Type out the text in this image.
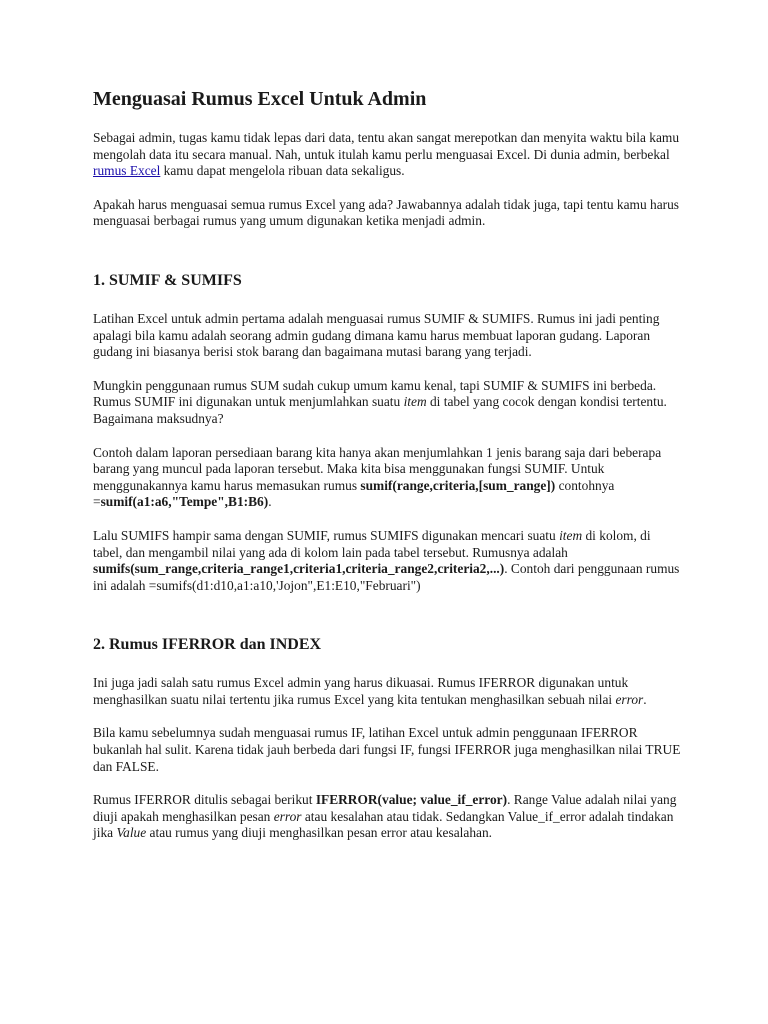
Menguasai Rumus Excel Untuk Admin

Sebagai admin, tugas kamu tidak lepas dari data, tentu akan sangat merepotkan dan menyita waktu bila kamu mengolah data itu secara manual. Nah, untuk itulah kamu perlu menguasai Excel. Di dunia admin, berbekal rumus Excel kamu dapat mengelola ribuan data sekaligus.

Apakah harus menguasai semua rumus Excel yang ada? Jawabannya adalah tidak juga, tapi tentu kamu harus menguasai berbagai rumus yang umum digunakan ketika menjadi admin.

1. SUMIF & SUMIFS

Latihan Excel untuk admin pertama adalah menguasai rumus SUMIF & SUMIFS. Rumus ini jadi penting apalagi bila kamu adalah seorang admin gudang dimana kamu harus membuat laporan gudang. Laporan gudang ini biasanya berisi stok barang dan bagaimana mutasi barang yang terjadi.

Mungkin penggunaan rumus SUM sudah cukup umum kamu kenal, tapi SUMIF & SUMIFS ini berbeda. Rumus SUMIF ini digunakan untuk menjumlahkan suatu item di tabel yang cocok dengan kondisi tertentu. Bagaimana maksudnya?

Contoh dalam laporan persediaan barang kita hanya akan menjumlahkan 1 jenis barang saja dari beberapa barang yang muncul pada laporan tersebut. Maka kita bisa menggunakan fungsi SUMIF. Untuk menggunakannya kamu harus memasukan rumus sumif(range,criteria,[sum_range]) contohnya =sumif(a1:a6,"Tempe",B1:B6).

Lalu SUMIFS hampir sama dengan SUMIF, rumus SUMIFS digunakan mencari suatu item di kolom, di tabel, dan mengambil nilai yang ada di kolom lain pada tabel tersebut. Rumusnya adalah
sumifs(sum_range,criteria_range1,criteria1,criteria_range2,criteria2,...). Contoh dari penggunaan rumus ini adalah =sumifs(d1:d10,a1:a10,'Jojon",E1:E10,"Februari")

2. Rumus IFERROR dan INDEX

Ini juga jadi salah satu rumus Excel admin yang harus dikuasai. Rumus IFERROR digunakan untuk menghasilkan suatu nilai tertentu jika rumus Excel yang kita tentukan menghasilkan sebuah nilai error.

Bila kamu sebelumnya sudah menguasai rumus IF, latihan Excel untuk admin penggunaan IFERROR bukanlah hal sulit. Karena tidak jauh berbeda dari fungsi IF, fungsi IFERROR juga menghasilkan nilai TRUE dan FALSE.

Rumus IFERROR ditulis sebagai berikut IFERROR(value; value_if_error). Range Value adalah nilai yang diuji apakah menghasilkan pesan error atau kesalahan atau tidak. Sedangkan Value_if_error adalah tindakan jika Value atau rumus yang diuji menghasilkan pesan error atau kesalahan.
